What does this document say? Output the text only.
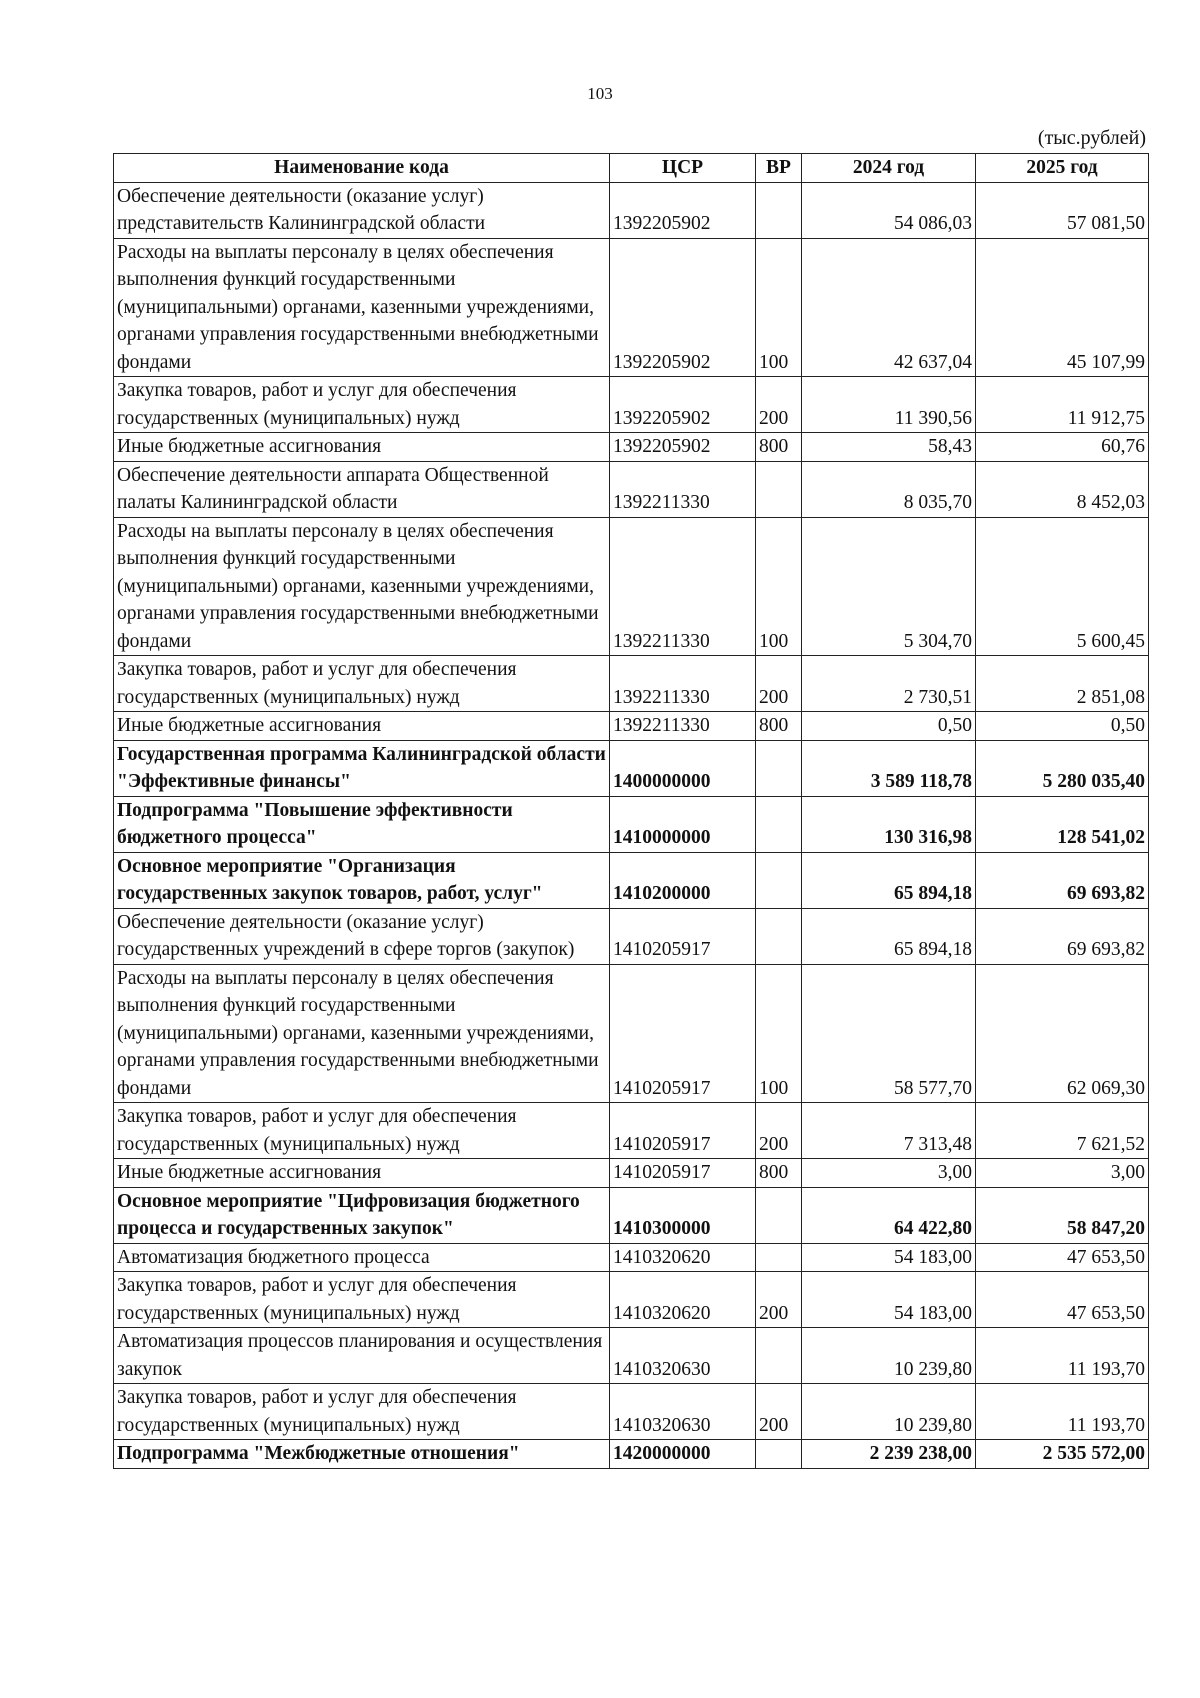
103
(тыс.рублей)
Наименование кода	ЦСР	ВР	2024 год	2025 год
Обеспечение деятельности (оказание услуг) представительств Калининградской области	1392205902		54 086,03	57 081,50
Расходы на выплаты персоналу в целях обеспечения выполнения функций государственными (муниципальными) органами, казенными учреждениями, органами управления государственными внебюджетными фондами	1392205902	100	42 637,04	45 107,99
Закупка товаров, работ и услуг для обеспечения государственных (муниципальных) нужд	1392205902	200	11 390,56	11 912,75
Иные бюджетные ассигнования	1392205902	800	58,43	60,76
Обеспечение деятельности аппарата Общественной палаты Калининградской области	1392211330		8 035,70	8 452,03
Расходы на выплаты персоналу в целях обеспечения выполнения функций государственными (муниципальными) органами, казенными учреждениями, органами управления государственными внебюджетными фондами	1392211330	100	5 304,70	5 600,45
Закупка товаров, работ и услуг для обеспечения государственных (муниципальных) нужд	1392211330	200	2 730,51	2 851,08
Иные бюджетные ассигнования	1392211330	800	0,50	0,50
Государственная программа Калининградской области "Эффективные финансы"	1400000000		3 589 118,78	5 280 035,40
Подпрограмма "Повышение эффективности бюджетного процесса"	1410000000		130 316,98	128 541,02
Основное мероприятие "Организация государственных закупок товаров, работ, услуг"	1410200000		65 894,18	69 693,82
Обеспечение деятельности (оказание услуг) государственных учреждений в сфере торгов (закупок)	1410205917		65 894,18	69 693,82
Расходы на выплаты персоналу в целях обеспечения выполнения функций государственными (муниципальными) органами, казенными учреждениями, органами управления государственными внебюджетными фондами	1410205917	100	58 577,70	62 069,30
Закупка товаров, работ и услуг для обеспечения государственных (муниципальных) нужд	1410205917	200	7 313,48	7 621,52
Иные бюджетные ассигнования	1410205917	800	3,00	3,00
Основное мероприятие "Цифровизация бюджетного процесса и государственных закупок"	1410300000		64 422,80	58 847,20
Автоматизация бюджетного процесса	1410320620		54 183,00	47 653,50
Закупка товаров, работ и услуг для обеспечения государственных (муниципальных) нужд	1410320620	200	54 183,00	47 653,50
Автоматизация процессов планирования и осуществления закупок	1410320630		10 239,80	11 193,70
Закупка товаров, работ и услуг для обеспечения государственных (муниципальных) нужд	1410320630	200	10 239,80	11 193,70
Подпрограмма "Межбюджетные отношения"	1420000000		2 239 238,00	2 535 572,00
